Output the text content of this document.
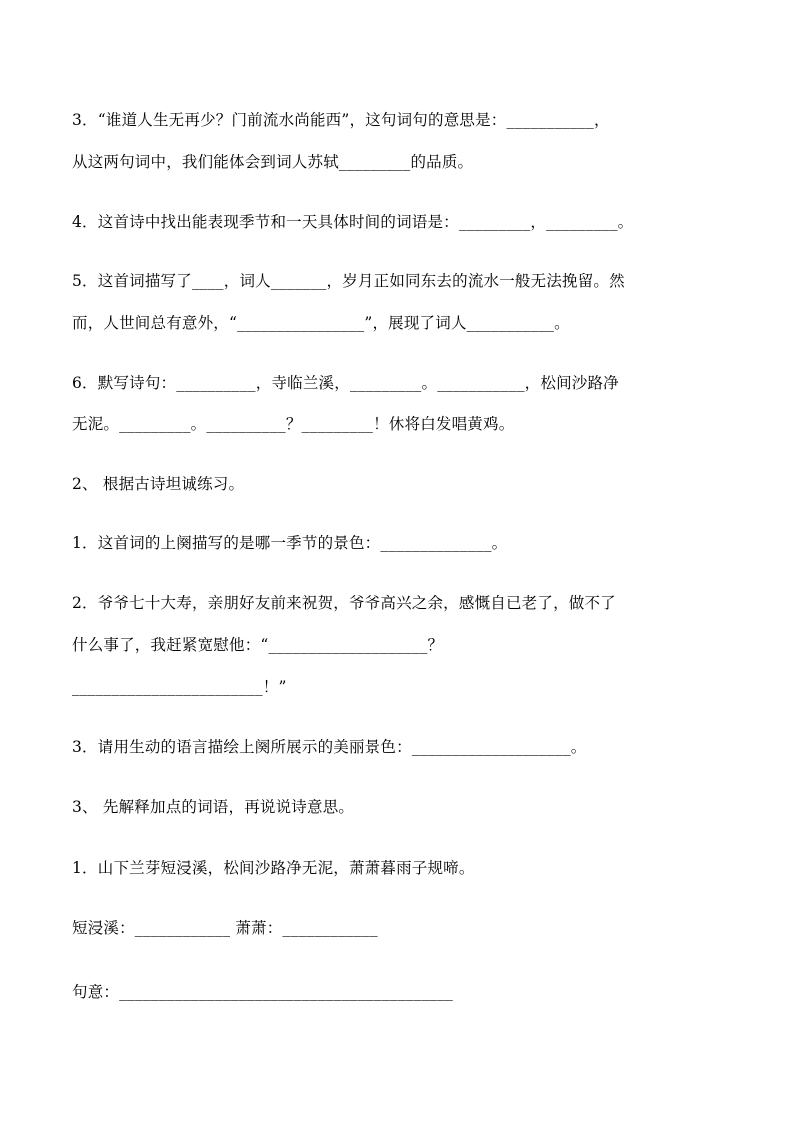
3．“谁道人生无再少？门前流水尚能西”，这句词句的意思是：___________，
从这两句词中，我们能体会到词人苏轼_________的品质。
4．这首诗中找出能表现季节和一天具体时间的词语是：_________，_________。
5．这首词描写了____，词人_______，岁月正如同东去的流水一般无法挽留。然
而，人世间总有意外，“________________”，展现了词人___________。
6．默写诗句：__________，寺临兰溪，_________。___________，松间沙路净
无泥。_________。__________？_________！休将白发唱黄鸡。
2、 根据古诗坦诚练习。
1．这首词的上阕描写的是哪一季节的景色：______________。
2．爷爷七十大寿，亲朋好友前来祝贺，爷爷高兴之余，感慨自已老了，做不了
什么事了，我赶紧宽慰他：“____________________？
________________________！”
3．请用生动的语言描绘上阕所展示的美丽景色：____________________。
3、 先解释加点的词语，再说说诗意思。
1．山下兰芽短浸溪，松间沙路净无泥，萧萧暮雨子规啼。
短浸溪：____________ 萧萧：____________
句意：__________________________________________
